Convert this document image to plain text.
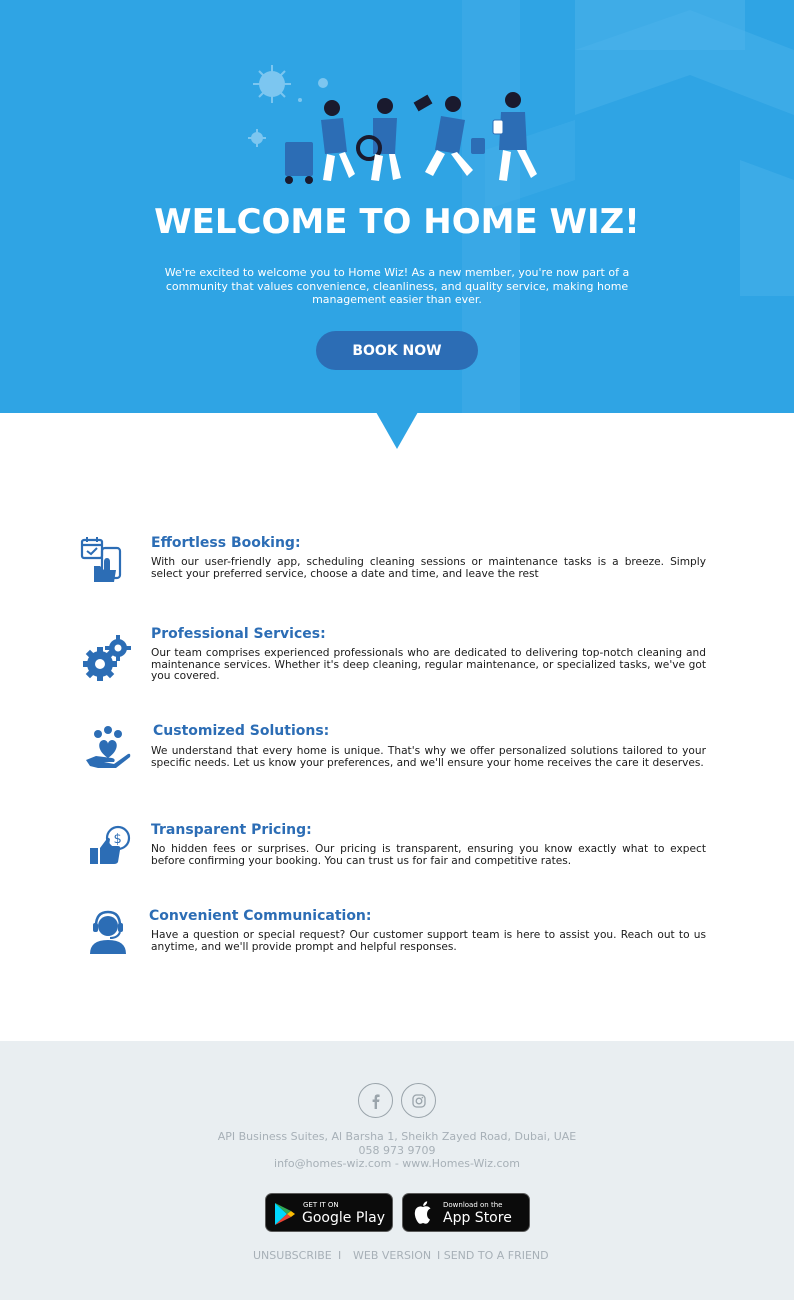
WELCOME TO HOME WIZ!
We're excited to welcome you to Home Wiz! As a new member, you're now part of a community that values convenience, cleanliness, and quality service, making home management easier than ever.
BOOK NOW
Effortless Booking:
With our user-friendly app, scheduling cleaning sessions or maintenance tasks is a breeze. Simply select your preferred service, choose a date and time, and leave the rest
Professional Services:
Our team comprises experienced professionals who are dedicated to delivering top-notch cleaning and maintenance services. Whether it's deep cleaning, regular maintenance, or specialized tasks, we've got you covered.
Customized Solutions:
We understand that every home is unique. That's why we offer personalized solutions tailored to your specific needs. Let us know your preferences, and we'll ensure your home receives the care it deserves.
$
Transparent Pricing:
No hidden fees or surprises. Our pricing is transparent, ensuring you know exactly what to expect before confirming your booking. You can trust us for fair and competitive rates.
Convenient Communication:
Have a question or special request? Our customer support team is here to assist you. Reach out to us anytime, and we'll provide prompt and helpful responses.
API Business Suites, Al Barsha 1, Sheikh Zayed Road, Dubai, UAE
058 973 9709
info@homes-wiz.com - www.Homes-Wiz.com
GET IT ON
Google Play
Download on the
App Store
UNSUBSCRIBE I WEB VERSION I SEND TO A FRIEND
